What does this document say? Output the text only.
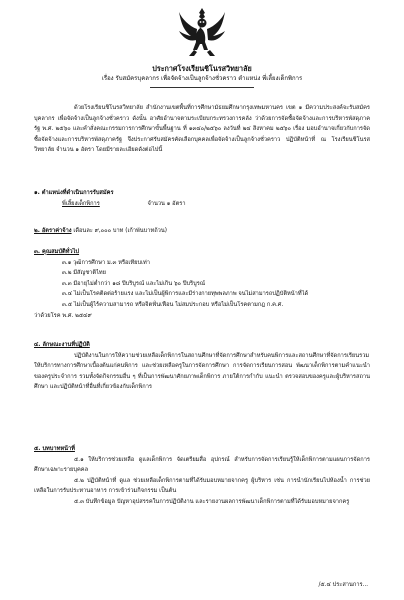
ประกาศโรงเรียนชิโนรสวิทยาลัย
เรื่อง รับสมัครบุคลากร เพื่อจัดจ้างเป็นลูกจ้างชั่วคราว ตำแหน่ง พี่เลี้ยงเด็กพิการ

ด้วยโรงเรียนชิโนรสวิทยาลัย สำนักงานเขตพื้นที่การศึกษามัธยมศึกษากรุงเทพมหานคร เขต ๑ มีความประสงค์จะรับสมัครบุคลากร เพื่อจัดจ้างเป็นลูกจ้างชั่วคราว ดังนั้น อาศัยอำนาจตามระเบียบกระทรวงการคลัง ว่าด้วยการจัดซื้อจัดจ้างและการบริหารพัสดุภาครัฐ พ.ศ. ๒๕๖๐ และคำสั่งคณะกรรมการการศึกษาขั้นพื้นฐาน ที่ ๑๓๔๐/๒๕๖๐ ลงวันที่ ๒๔ สิงหาคม ๒๕๖๐ เรื่อง มอบอำนาจเกี่ยวกับการจัดซื้อจัดจ้างและการบริหารพัสดุภาครัฐ จึงประกาศรับสมัครคัดเลือกบุคคลเพื่อจัดจ้างเป็นลูกจ้างชั่วคราว ปฏิบัติหน้าที่ ณ โรงเรียนชิโนรสวิทยาลัย จำนวน ๑ อัตรา โดยมีรายละเอียดดังต่อไปนี้

๑. ตำแหน่งที่ดำเนินการรับสมัคร
พี่เลี้ยงเด็กพิการ	จำนวน ๑ อัตรา
๒. อัตราค่าจ้าง เดือนละ ๙,๐๐๐ บาท (เก้าพันบาทถ้วน)
๓. คุณสมบัติทั่วไป
๓.๑ วุฒิการศึกษา ม.๓ หรือเทียบเท่า
๓.๒ มีสัญชาติไทย
๓.๓ มีอายุไม่ต่ำกว่า ๑๘ ปีบริบูรณ์ และไม่เกิน ๖๐ ปีบริบูรณ์
๓.๔ ไม่เป็นโรคติดต่อร้ายแรง และไม่เป็นผู้พิการและมีร่างกายทุพพลภาพ จนไม่สามารถปฏิบัติหน้าที่ได้
๓.๕ ไม่เป็นผู้ไร้ความสามารถ หรือจิตฟั่นเฟือน ไม่สมประกอบ หรือไม่เป็นโรคตามกฎ ก.ค.ศ.
ว่าด้วยโรค พ.ศ. ๒๕๔๙
๔. ลักษณะงานที่ปฏิบัติ

ปฏิบัติงานในการให้ความช่วยเหลือเด็กพิการในสถานศึกษาที่จัดการศึกษาสำหรับคนพิการและสถานศึกษาที่จัดการเรียนรวม ให้บริการทางการศึกษาเบื้องต้นแก่คนพิการ และช่วยเหลือครูในการจัดการศึกษา การจัดการเรียนการสอน พัฒนาเด็กพิการตามคำแนะนำของครูประจำการ รวมทั้งจัดกิจกรรมอื่น ๆ ที่เป็นการพัฒนาศักยภาพเด็กพิการ ภายใต้การกำกับ แนะนำ ตรวจสอบของครูและผู้บริหารสถานศึกษา และปฏิบัติหน้าที่อื่นที่เกี่ยวข้องกับเด็กพิการ

๕. บทบาทหน้าที่

๕.๑ ให้บริการช่วยเหลือ ดูแลเด็กพิการ จัดเตรียมสื่อ อุปกรณ์ สำหรับการจัดการเรียนรู้ให้เด็กพิการตามแผนการจัดการศึกษาเฉพาะรายบุคคล

๕.๒ ปฏิบัติหน้าที่ ดูแล ช่วยเหลือเด็กพิการตามที่ได้รับมอบหมายจากครู ผู้บริหาร เช่น การนำนักเรียนไปห้องน้ำ การช่วยเหลือในการรับประทานอาหาร การเข้าร่วมกิจกรรม เป็นต้น

๕.๓ บันทึกข้อมูล ปัญหาอุปสรรคในการปฏิบัติงาน และรายงานผลการพัฒนาเด็กพิการตามที่ได้รับมอบหมายจากครู

/๕.๔ ประสานการ...
